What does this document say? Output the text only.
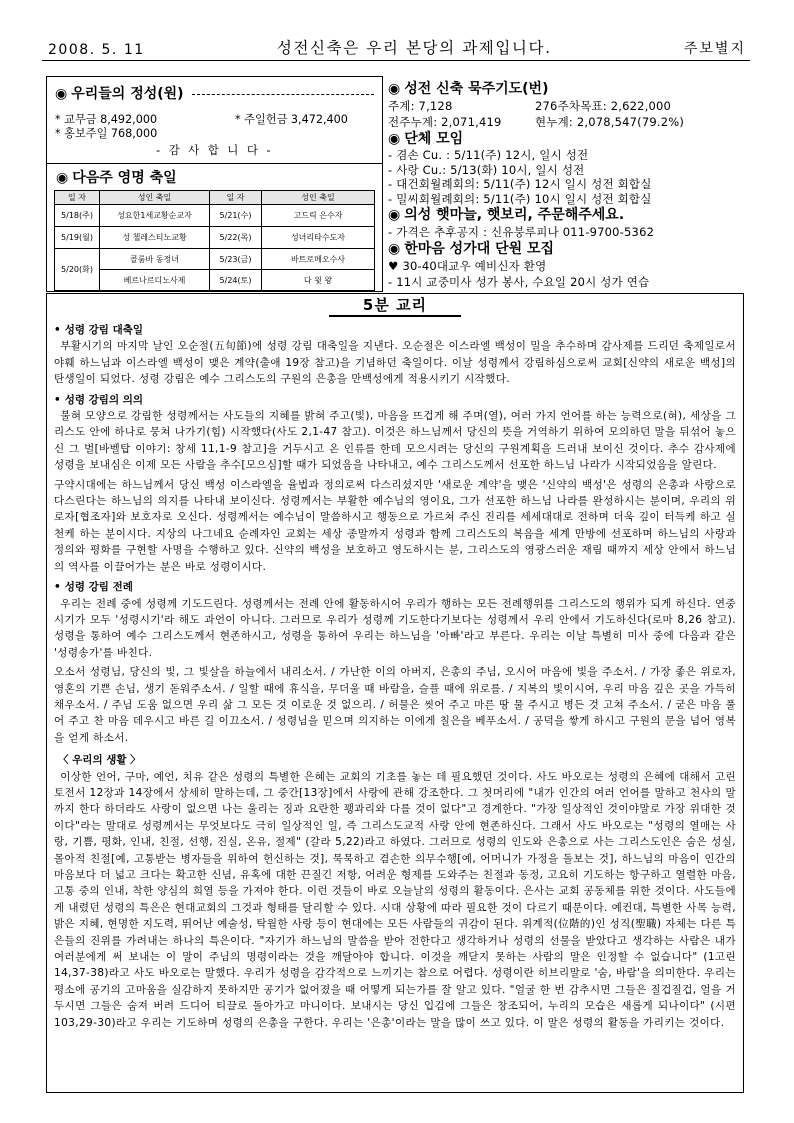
2008. 5. 11	성전신축은 우리 본당의 과제입니다.	주보별지
◉ 우리들의 정성(원)
* 교무금 8,492,000	* 주일헌금 3,472,400
* 홍보주일 768,000
- 감 사 합 니 다 -
◉ 다음주 영명 축일
일 자	성인 축일	일 자	성인 축일
5/18(주)	성요한1세교황순교자	5/21(수)	고드릭 은수자
5/19(월)	성 첼레스티노교황	5/22(목)	성녀리타수도자
5/20(화)	콜룸바 동정녀	5/23(금)	바트로메오수사
	베르나르디노사제	5/24(토)	다 윗 왕
◉ 성전 신축 묵주기도(번)
주계: 7,128	276주차목표: 2,622,000
전주누계: 2,071,419	현누계: 2,078,547(79.2%)
◉ 단체 모임
- 겸손 Cu. : 5/11(주) 12시, 일시 성전
- 사랑 Cu.: 5/13(화) 10시, 일시 성전
- 대건회월례회의: 5/11(주) 12시 일시 성전 회합실
- 밀씨회월례회의: 5/11(주) 10시 일시 성전 회합실
◉ 의성 햇마늘, 햇보리, 주문해주세요.
- 가격은 추후공지 : 신유붕루피나 011-9700-5362
◉ 한마음 성가대 단원 모집
♥ 30-40대교우 예비신자 환영
- 11시 교중미사 성가 봉사, 수요일 20시 성가 연습
5분 교리
• 성령 강림 대축일

부활시기의 마지막 날인 오순절(五旬節)에 성령 강림 대축일을 지낸다. 오순절은 이스라엘 백성이 밀을 추수하며 감사제를 드리던 축제일로서 야훼 하느님과 이스라엘 백성이 맺은 계약(출애 19장 참고)을 기념하던 축일이다. 이날 성령께서 강림하심으로써 교회[신약의 새로운 백성]의 탄생일이 되었다. 성령 강림은 예수 그리스도의 구원의 은총을 만백성에게 적용시키기 시작했다.

• 성령 강림의 의의

불혀 모양으로 강림한 성령께서는 사도들의 지혜를 밝혀 주고(빛), 마음을 뜨겁게 해 주며(열), 여러 가지 언어를 하는 능력으로(혀), 세상을 그리스도 안에 하나로 뭉쳐 나가기(힘) 시작했다(사도 2,1-47 참고). 이것은 하느님께서 당신의 뜻을 거역하기 위하여 모의하던 말을 뒤섞어 놓으신 그 벌[바벨탑 이야기: 창세 11,1-9 참고]을 거두시고 온 인류를 한데 모으시려는 당신의 구원계획을 드러내 보이신 것이다. 추수 감사제에 성령을 보내심은 이제 모든 사람을 추수[모으심]할 때가 되었음을 나타내고, 예수 그리스도께서 선포한 하느님 나라가 시작되었음을 알린다.

구약시대에는 하느님께서 당신 백성 이스라엘을 율법과 정의로써 다스리셨지만 '새로운 계약'을 맺은 '신약의 백성'은 성령의 은총과 사랑으로 다스린다는 하느님의 의지를 나타내 보이신다. 성령께서는 부활한 예수님의 영이요, 그가 선포한 하느님 나라를 완성하시는 분이며, 우리의 위로자[협조자]와 보호자로 오신다. 성령께서는 예수님이 말씀하시고 행동으로 가르쳐 주신 진리를 세세대대로 전하며 더욱 깊이 터득케 하고 실천케 하는 분이시다. 지상의 나그네요 순례자인 교회는 세상 종말까지 성령과 함께 그리스도의 복음을 세계 만방에 선포하며 하느님의 사랑과 정의와 평화를 구현할 사명을 수행하고 있다. 신약의 백성을 보호하고 영도하시는 분, 그리스도의 영광스러운 재림 때까지 세상 안에서 하느님의 역사를 이끌어가는 분은 바로 성령이시다.

• 성령 강림 전례

우리는 전례 중에 성령께 기도드린다. 성령께서는 전례 안에 활동하시어 우리가 행하는 모든 전례행위를 그리스도의 행위가 되게 하신다. 연중시기가 모두 '성령시기'라 해도 과언이 아니다. 그러므로 우리가 성령께 기도한다기보다는 성령께서 우리 안에서 기도하신다(로마 8,26 참고). 성령을 통하여 예수 그리스도께서 현존하시고, 성령을 통하여 우리는 하느님을 '아빠'라고 부른다. 우리는 이날 특별히 미사 중에 다음과 같은 '성령송가'를 바친다.

오소서 성령님, 당신의 빛, 그 빛살을 하늘에서 내리소서. / 가난한 이의 아버지, 은총의 주님, 오시어 마음에 빛을 주소서. / 가장 좋은 위로자, 영혼의 기쁜 손님, 생기 돋워주소서. / 일할 때에 휴식을, 무더울 때 바람을, 슬플 때에 위로를. / 지복의 빛이시여, 우리 마음 깊은 곳을 가득히 채우소서. / 주님 도움 없으면 우리 삶 그 모든 것 이로운 것 없으리. / 허물은 씻어 주고 마른 땅 물 주시고 병든 것 고쳐 주소서. / 굳은 마음 풀어 주고 찬 마음 데우시고 바른 길 이끄소서. / 성령님을 믿으며 의지하는 이에게 칠은을 베푸소서. / 공덕을 쌓게 하시고 구원의 문을 넘어 영복을 얻게 하소서.

〈 우리의 생활 〉

이상한 언어, 구마, 예언, 치유 같은 성령의 특별한 은혜는 교회의 기초를 놓는 데 필요했던 것이다. 사도 바오로는 성령의 은혜에 대해서 고린토전서 12장과 14장에서 상세히 말하는데, 그 중간[13장]에서 사랑에 관해 강조한다. 그 첫머리에 "내가 인간의 여러 언어를 말하고 천사의 말까지 한다 하더라도 사랑이 없으면 나는 울리는 징과 요란한 꽹과리와 다를 것이 없다"고 경계한다. "가장 일상적인 것이야말로 가장 위대한 것이다"라는 말대로 성령께서는 무엇보다도 극히 일상적인 일, 즉 그리스도교적 사랑 안에 현존하신다. 그래서 사도 바오로는 "성령의 열매는 사랑, 기쁨, 평화, 인내, 친절, 선행, 진실, 온유, 절제" (갈라 5,22)라고 하였다. 그러므로 성령의 인도와 은총으로 사는 그리스도인은 숨은 성실, 몰아적 친절[예, 고통받는 병자들을 위하여 헌신하는 것], 묵묵하고 겸손한 의무수행[예, 어머니가 가정을 돌보는 것], 하느님의 마음이 인간의 마음보다 더 넓고 크다는 확고한 신념, 유혹에 대한 끈질긴 저항, 어려운 형제를 도와주는 친절과 동정, 고요히 기도하는 항구하고 열렬한 마음, 고통 중의 인내, 착한 양심의 희열 등을 가져야 한다. 이런 것들이 바로 오늘날의 성령의 활동이다. 은사는 교회 공동체를 위한 것이다. 사도들에게 내렸던 성령의 특은은 현대교회의 그것과 형태를 달리할 수 있다. 시대 상황에 따라 필요한 것이 다르기 때문이다. 예컨대, 특별한 사목 능력, 밝은 지혜, 현명한 지도력, 뛰어난 예술성, 탁월한 사랑 등이 현대에는 모든 사람들의 귀감이 된다. 위계적(位階的)인 성직(聖職) 자체는 다른 특은들의 진위를 가려내는 하나의 특은이다. "자기가 하느님의 말씀을 받아 전한다고 생각하거나 성령의 선물을 받았다고 생각하는 사람은 내가 여러분에게 써 보내는 이 말이 주님의 명령이라는 것을 깨달아야 합니다. 이것을 깨닫지 못하는 사람의 말은 인정할 수 없습니다" (1고린 14,37-38)라고 사도 바오로는 말했다. 우리가 성령을 감각적으로 느끼기는 참으로 어렵다. 성령이란 히브리말로 '숨, 바람'을 의미한다. 우리는 평소에 공기의 고마움을 실감하지 못하지만 공기가 없어졌을 때 어떻게 되는가를 잘 알고 있다. "얼굴 한 번 감추시면 그들은 질겁질겁, 얼을 거두시면 그들은 숨져 버려 드디어 티끌로 돌아가고 마니이다. 보내시는 당신 입김에 그들은 창조되어, 누리의 모습은 새롭게 되나이다" (시편 103,29-30)라고 우리는 기도하며 성령의 은총을 구한다. 우리는 '은총'이라는 말을 많이 쓰고 있다. 이 말은 성령의 활동을 가리키는 것이다.
